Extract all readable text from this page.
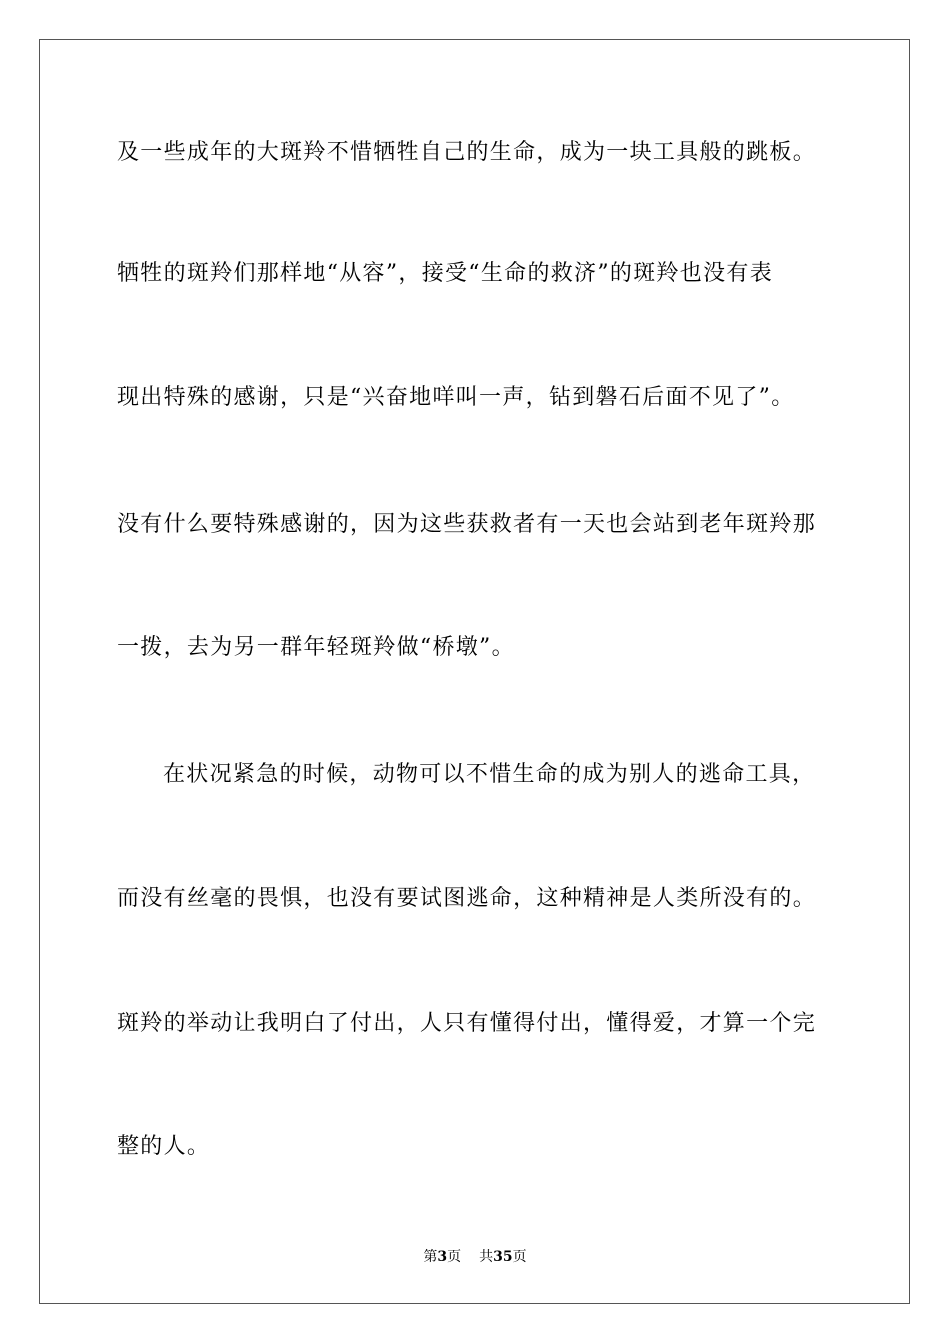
及一些成年的大斑羚不惜牺牲自己的生命，成为一块工具般的跳板。
牺牲的斑羚们那样地“从容”，接受“生命的救济”的斑羚也没有表
现出特殊的感谢，只是“兴奋地咩叫一声，钻到磐石后面不见了”。
没有什么要特殊感谢的，因为这些获救者有一天也会站到老年斑羚那
一拨，去为另一群年轻斑羚做“桥墩”。
在状况紧急的时候，动物可以不惜生命的成为别人的逃命工具，
而没有丝毫的畏惧，也没有要试图逃命，这种精神是人类所没有的。
斑羚的举动让我明白了付出，人只有懂得付出，懂得爱，才算一个完
整的人。
第3页 共35页
